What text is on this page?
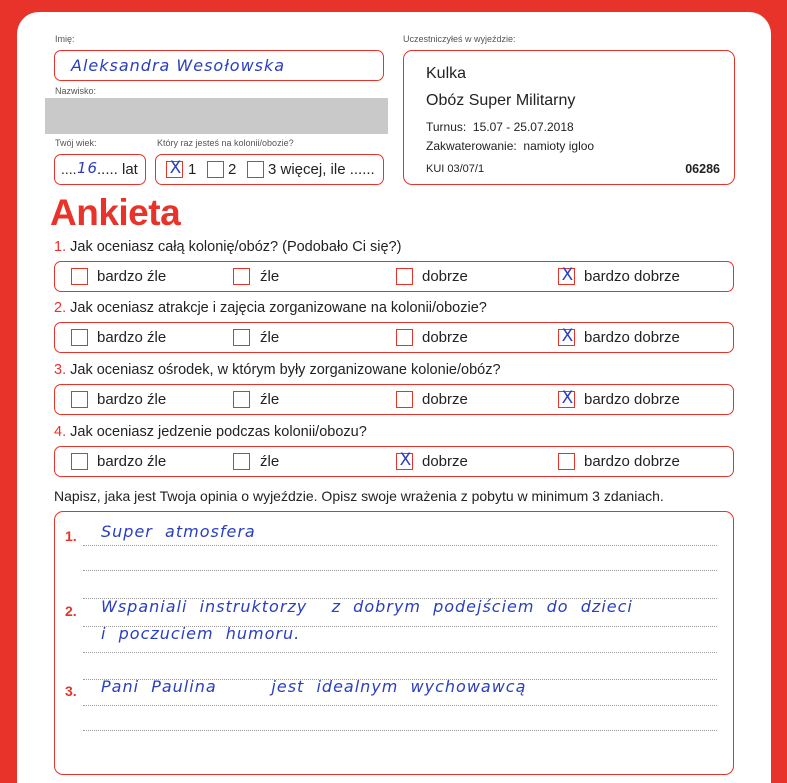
Imię:
Aleksandra Wesołowska
Nazwisko:
Twój wiek:
.... 16
..... lat
Który raz jesteś na kolonii/obozie?
X 1 2 3 więcej, ile ......
Uczestniczyłeś w wyjeździe:
Kulka
Obóz Super Militarny
Turnus: 15.07 - 25.07.2018
Zakwaterowanie: namioty igloo
KUI 03/07/1	06286
Ankieta
1. Jak oceniasz całą kolonię/obóz? (Podobało Ci się?)
bardzo źle	źle	dobrze	X bardzo dobrze
2. Jak oceniasz atrakcje i zajęcia zorganizowane na kolonii/obozie?
bardzo źle	źle	dobrze	X bardzo dobrze
3. Jak oceniasz ośrodek, w którym były zorganizowane kolonie/obóz?
bardzo źle	źle	dobrze	X bardzo dobrze
4. Jak oceniasz jedzenie podczas kolonii/obozu?
bardzo źle	źle	X dobrze	bardzo dobrze
Napisz, jaka jest Twoja opinia o wyjeździe. Opisz swoje wrażenia z pobytu w minimum 3 zdaniach.
1. Super  atmosfera
2. Wspaniali  instruktorzy    z  dobrym  podejściem  do  dzieci
i  poczuciem  humoru.
3. Pani  Paulina         jest  idealnym  wychowawcą
